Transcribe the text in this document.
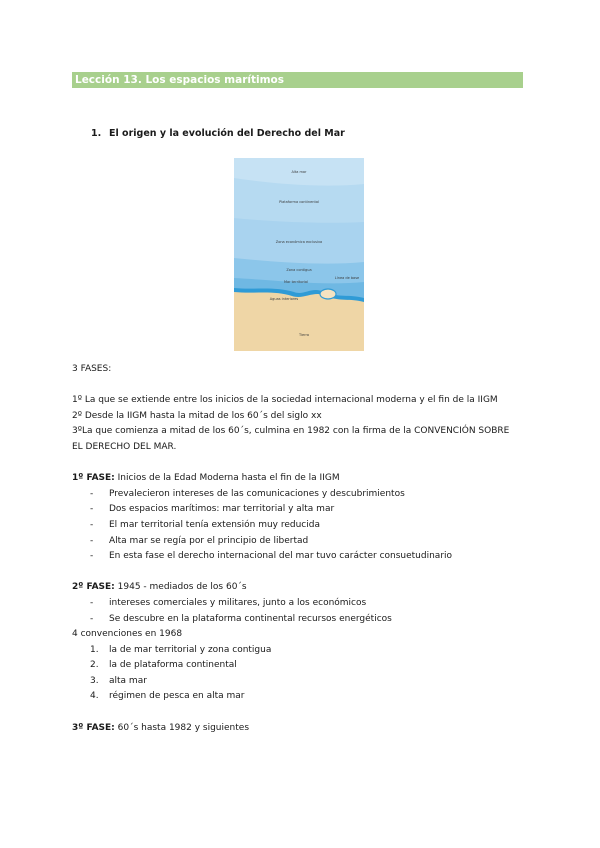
Lección 13. Los espacios marítimos
1. El origen y la evolución del Derecho del Mar
Alta mar
Plataforma continental
Zona económica exclusiva
Zona contigua
Mar territorial
Aguas interiores
Línea de base
Tierra

3 FASES:

1º La que se extiende entre los inicios de la sociedad internacional moderna y el fin de la IIGM

2º Desde la IIGM hasta la mitad de los 60´s del siglo xx

3ºLa que comienza a mitad de los 60´s, culmina en 1982 con la firma de la CONVENCIÓN SOBRE

EL DERECHO DEL MAR.

1º FASE: Inicios de la Edad Moderna hasta el fin de la IIGM

- Prevalecieron intereses de las comunicaciones y descubrimientos
- Dos espacios marítimos: mar territorial y alta mar
- El mar territorial tenía extensión muy reducida
- Alta mar se regía por el principio de libertad
- En esta fase el derecho internacional del mar tuvo carácter consuetudinario

2º FASE: 1945 - mediados de los 60´s

- intereses comerciales y militares, junto a los económicos
- Se descubre en la plataforma continental recursos energéticos

4 convenciones en 1968

1. la de mar territorial y zona contigua
2. la de plataforma continental
3. alta mar
4. régimen de pesca en alta mar

3º FASE: 60´s hasta 1982 y siguientes
